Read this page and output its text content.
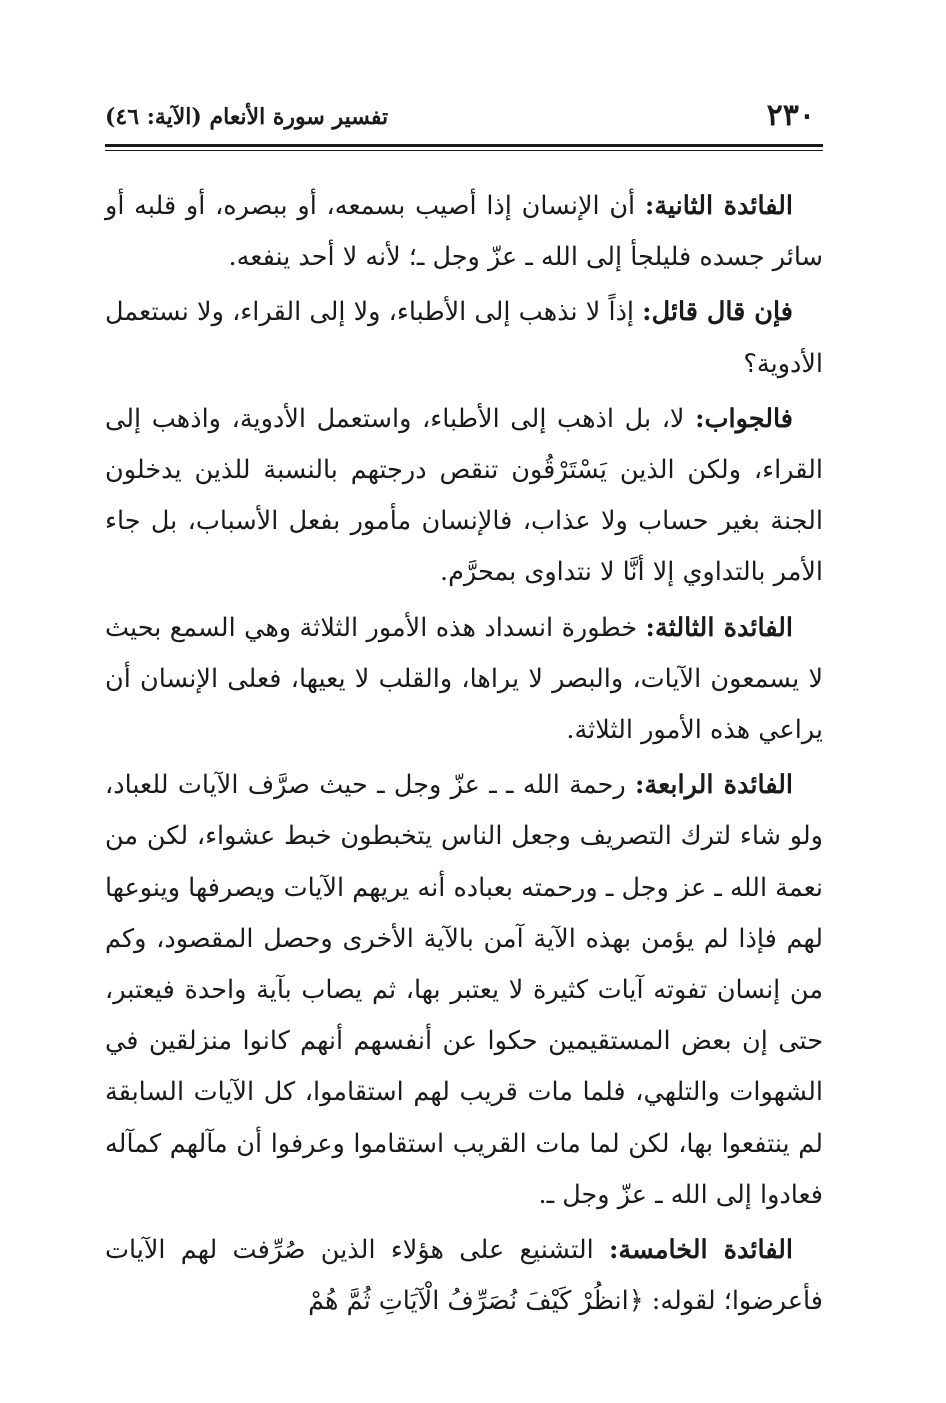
٢٣٠
تفسير سورة الأنعام (الآية: ٤٦)

الفائدة الثانية: أن الإنسان إذا أصيب بسمعه، أو ببصره، أو قلبه أو سائر جسده فليلجأ إلى الله ـ عزّ وجل ـ؛ لأنه لا أحد ينفعه.

فإن قال قائل: إذاً لا نذهب إلى الأطباء، ولا إلى القراء، ولا نستعمل الأدوية؟

فالجواب: لا، بل اذهب إلى الأطباء، واستعمل الأدوية، واذهب إلى القراء، ولكن الذين يَسْتَرْقُون تنقص درجتهم بالنسبة للذين يدخلون الجنة بغير حساب ولا عذاب، فالإنسان مأمور بفعل الأسباب، بل جاء الأمر بالتداوي إلا أنَّا لا نتداوى بمحرَّم.

الفائدة الثالثة: خطورة انسداد هذه الأمور الثلاثة وهي السمع بحيث لا يسمعون الآيات، والبصر لا يراها، والقلب لا يعيها، فعلى الإنسان أن يراعي هذه الأمور الثلاثة.

الفائدة الرابعة: رحمة الله ـ ـ عزّ وجل ـ حيث صرَّف الآيات للعباد، ولو شاء لترك التصريف وجعل الناس يتخبطون خبط عشواء، لكن من نعمة الله ـ عز وجل ـ ورحمته بعباده أنه يريهم الآيات ويصرفها وينوعها لهم فإذا لم يؤمن بهذه الآية آمن بالآية الأخرى وحصل المقصود، وكم من إنسان تفوته آيات كثيرة لا يعتبر بها، ثم يصاب بآية واحدة فيعتبر، حتى إن بعض المستقيمين حكوا عن أنفسهم أنهم كانوا منزلقين في الشهوات والتلهي، فلما مات قريب لهم استقاموا، كل الآيات السابقة لم ينتفعوا بها، لكن لما مات القريب استقاموا وعرفوا أن مآلهم كمآله فعادوا إلى الله ـ عزّ وجل ـ.

الفائدة الخامسة: التشنيع على هؤلاء الذين صُرِّفت لهم الآيات فأعرضوا؛ لقوله: ﴿انظُرْ كَيْفَ نُصَرِّفُ الْآيَاتِ ثُمَّ هُمْ
